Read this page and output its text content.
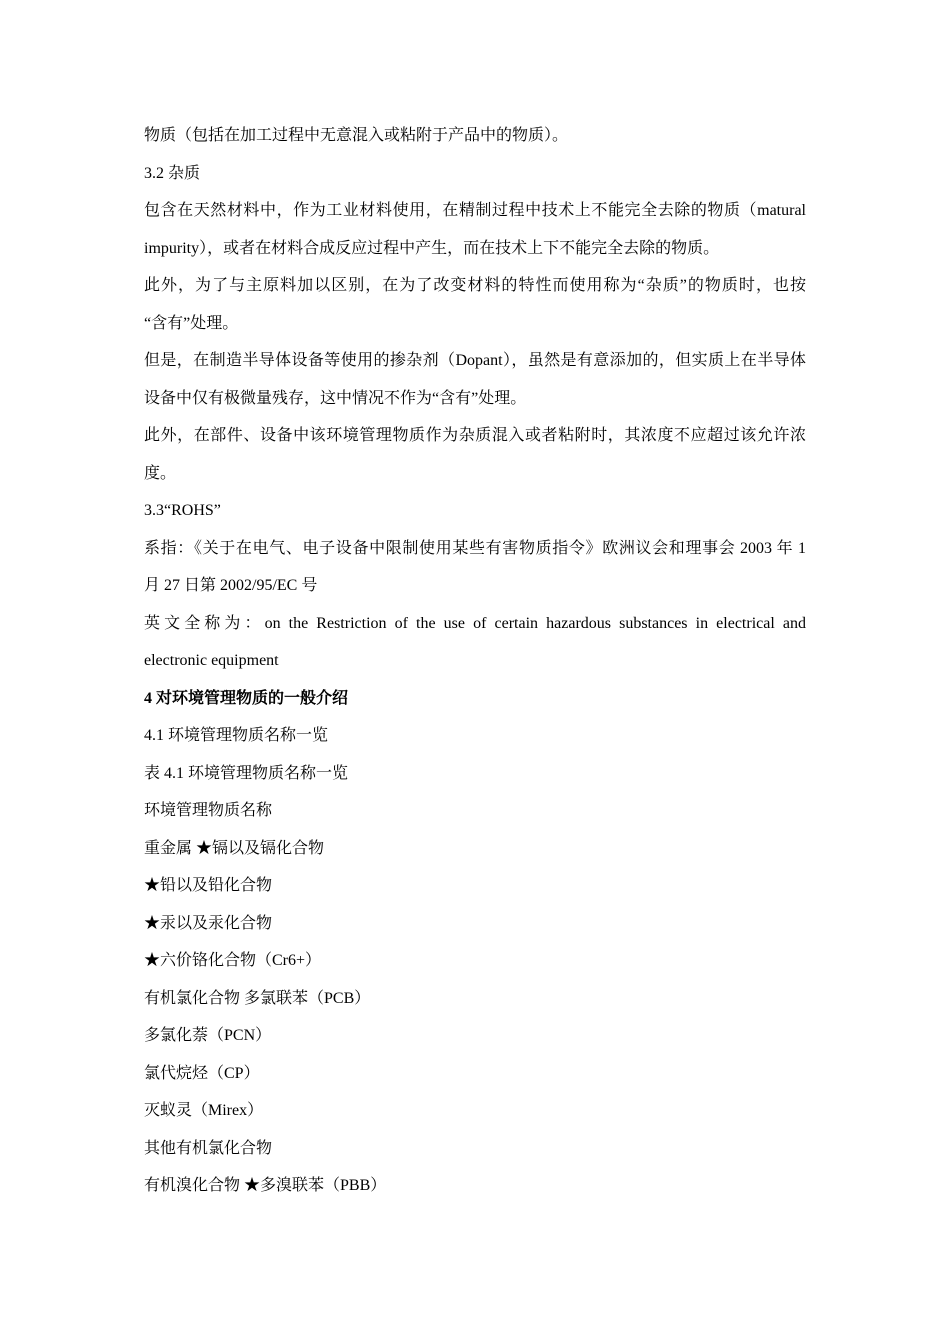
物质（包括在加工过程中无意混入或粘附于产品中的物质）。
3.2 杂质
包含在天然材料中，作为工业材料使用，在精制过程中技术上不能完全去除的物质（matural
impurity），或者在材料合成反应过程中产生，而在技术上下不能完全去除的物质。
此外，为了与主原料加以区别，在为了改变材料的特性而使用称为“杂质”的物质时，也按
“含有”处理。
但是，在制造半导体设备等使用的掺杂剂（Dopant），虽然是有意添加的，但实质上在半导体
设备中仅有极微量残存，这中情况不作为“含有”处理。
此外，在部件、设备中该环境管理物质作为杂质混入或者粘附时，其浓度不应超过该允许浓
度。
3.3“ROHS”
系指：《关于在电气、电子设备中限制使用某些有害物质指令》欧洲议会和理事会 2003 年 1
月 27 日第 2002/95/EC 号
英文全称为：on the Restriction of the use of certain hazardous substances in electrical and
electronic equipment
4 对环境管理物质的一般介绍
4.1 环境管理物质名称一览
表 4.1 环境管理物质名称一览
环境管理物质名称
重金属 ★镉以及镉化合物
★铅以及铅化合物
★汞以及汞化合物
★六价铬化合物（Cr6+）
有机氯化合物 多氯联苯（PCB）
多氯化萘（PCN）
氯代烷烃（CP）
灭蚁灵（Mirex）
其他有机氯化合物
有机溴化合物 ★多溴联苯（PBB）
